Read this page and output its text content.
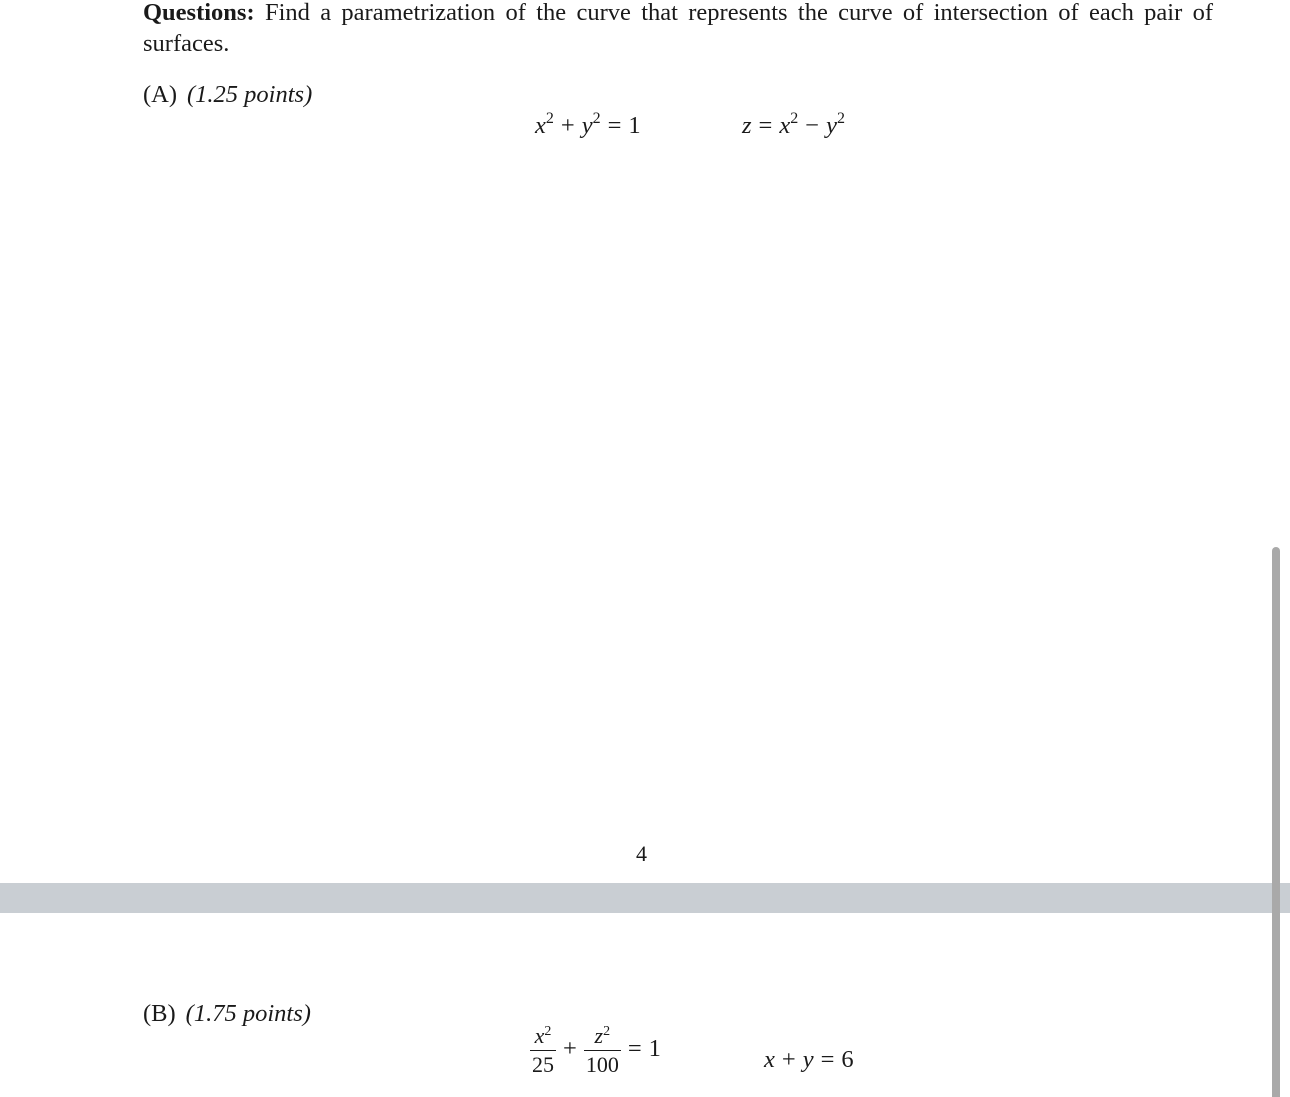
Questions: Find a parametrization of the curve that represents the curve of intersection of each pair of surfaces.
(A) (1.25 points)
$x^2 + y^2 = 1$	$z = x^2 - y^2$
4
(B) (1.75 points)
$\frac{x^2}{25} + \frac{z^2}{100} = 1$	x + y = 6
